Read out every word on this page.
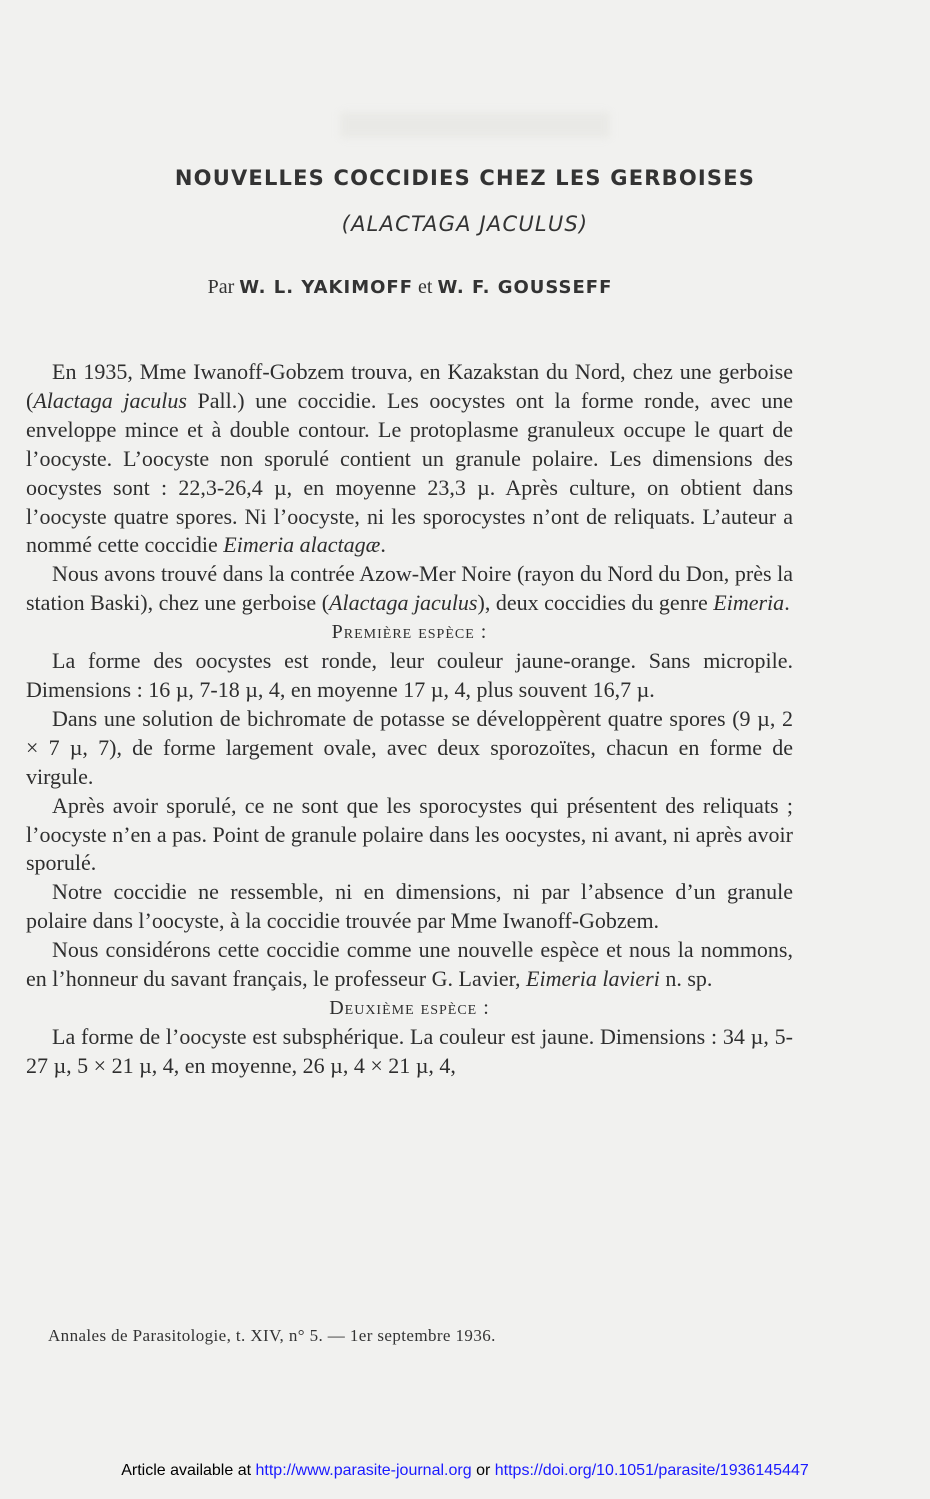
NOUVELLES COCCIDIES CHEZ LES GERBOISES
(ALACTAGA JACULUS)
Par W. L. YAKIMOFF et W. F. GOUSSEFF

En 1935, Mme Iwanoff-Gobzem trouva, en Kazakstan du Nord, chez une gerboise (Alactaga jaculus Pall.) une coccidie. Les oocystes ont la forme ronde, avec une enveloppe mince et à double contour. Le protoplasme granuleux occupe le quart de l’oocyste. L’oocyste non sporulé contient un granule polaire. Les dimensions des oocystes sont : 22,3-26,4 µ, en moyenne 23,3 µ. Après culture, on obtient dans l’oocyste quatre spores. Ni l’oocyste, ni les sporocystes n’ont de reliquats. L’auteur a nommé cette coccidie Eimeria alactagæ.

Nous avons trouvé dans la contrée Azow-Mer Noire (rayon du Nord du Don, près la station Baski), chez une gerboise (Alactaga jaculus), deux coccidies du genre Eimeria.

Première espèce :

La forme des oocystes est ronde, leur couleur jaune-orange. Sans micropile. Dimensions : 16 µ, 7-18 µ, 4, en moyenne 17 µ, 4, plus souvent 16,7 µ.

Dans une solution de bichromate de potasse se développèrent quatre spores (9 µ, 2 × 7 µ, 7), de forme largement ovale, avec deux sporozoïtes, chacun en forme de virgule.

Après avoir sporulé, ce ne sont que les sporocystes qui présentent des reliquats ; l’oocyste n’en a pas. Point de granule polaire dans les oocystes, ni avant, ni après avoir sporulé.

Notre coccidie ne ressemble, ni en dimensions, ni par l’absence d’un granule polaire dans l’oocyste, à la coccidie trouvée par Mme Iwanoff-Gobzem.

Nous considérons cette coccidie comme une nouvelle espèce et nous la nommons, en l’honneur du savant français, le professeur G. Lavier, Eimeria lavieri n. sp.

Deuxième espèce :

La forme de l’oocyste est subsphérique. La couleur est jaune. Dimensions : 34 µ, 5-27 µ, 5 × 21 µ, 4, en moyenne, 26 µ, 4 × 21 µ, 4,

Annales de Parasitologie, t. XIV, n° 5. — 1er septembre 1936.
Article available at http://www.parasite-journal.org or https://doi.org/10.1051/parasite/1936145447
